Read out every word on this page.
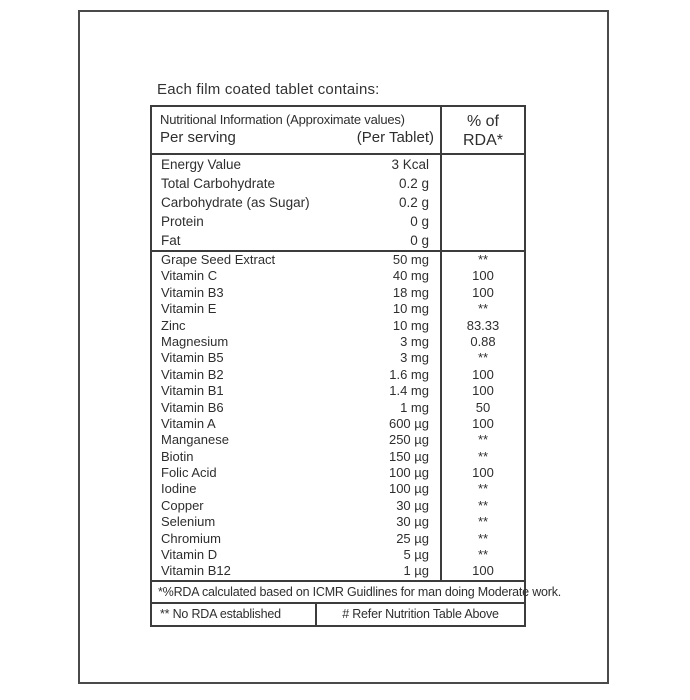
Each film coated tablet contains:
Nutritional Information (Approximate values)
Per serving	(Per Tablet)
% of
RDA*
Energy Value	3 Kcal
Total Carbohydrate	0.2 g
Carbohydrate (as Sugar)	0.2 g
Protein	0 g
Fat	0 g
Grape Seed Extract	50 mg	**
Vitamin C	40 mg	100
Vitamin B3	18 mg	100
Vitamin E	10 mg	**
Zinc	10 mg	83.33
Magnesium	3 mg	0.88
Vitamin B5	3 mg	**
Vitamin B2	1.6 mg	100
Vitamin B1	1.4 mg	100
Vitamin B6	1 mg	50
Vitamin A	600 µg	100
Manganese	250 µg	**
Biotin	150 µg	**
Folic Acid	100 µg	100
Iodine	100 µg	**
Copper	30 µg	**
Selenium	30 µg	**
Chromium	25 µg	**
Vitamin D	5 µg	**
Vitamin B12	1 µg	100
*%RDA calculated based on ICMR Guidlines for man doing Moderate work.
** No RDA established	# Refer Nutrition Table Above
